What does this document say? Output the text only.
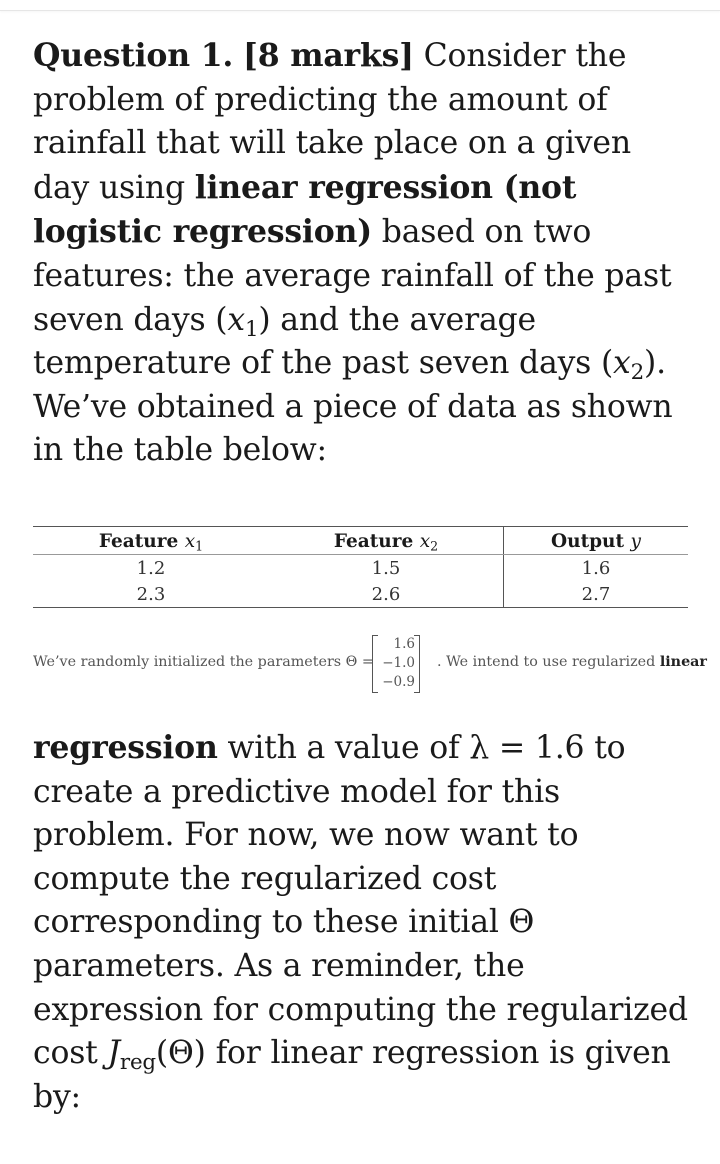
Question 1. [8 marks] Consider the problem of predicting the amount of rainfall that will take place on a given day using linear regression (not logistic regression) based on two features: the average rainfall of the past seven days $(x_1)$ and the average temperature of the past seven days $(x_2)$. We’ve obtained a piece of data as shown in the table below:

Feature $x_1$	Feature $x_2$	Output y
1.2	1.5	1.6
2.3	2.6	2.7
We’ve randomly initialized the parameters Θ =
1.6
−1.0
−0.9
. We intend to use regularized linear

regression with a value of λ = 1.6 to create a predictive model for this problem. For now, we now want to compute the regularized cost corresponding to these initial Θ parameters. As a reminder, the expression for computing the regularized cost $J_{reg}(\Theta)$ for linear regression is given by:
